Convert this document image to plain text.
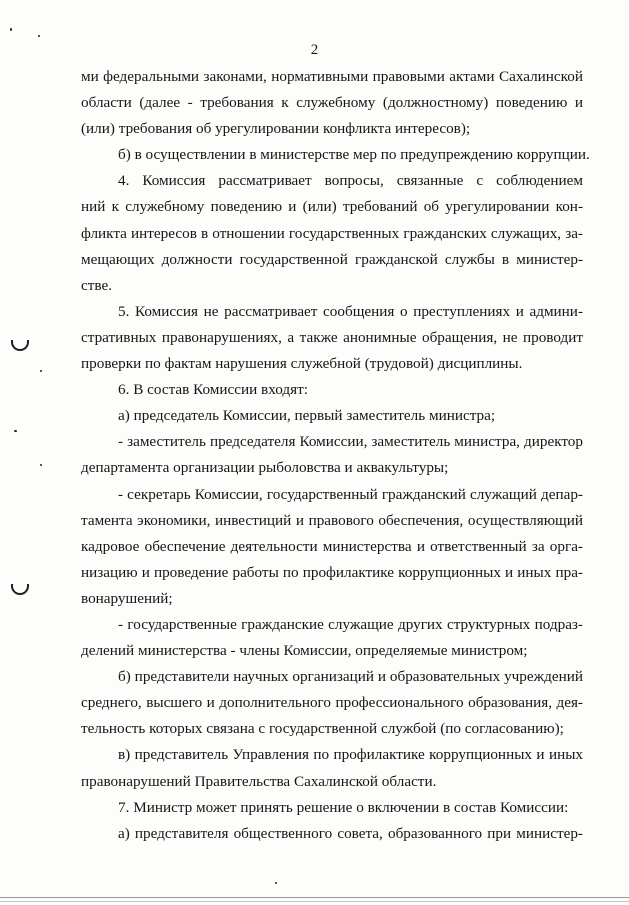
2
ми федеральными законами, нормативными правовыми актами Сахалинской
области (далее - требования к служебному (должностному) поведению и
(или) требования об урегулировании конфликта интересов);
б) в осуществлении в министерстве мер по предупреждению коррупции.
4. Комиссия рассматривает вопросы, связанные с соблюдением
ний к служебному поведению и (или) требований об урегулировании кон-
фликта интересов в отношении государственных гражданских служащих, за-
мещающих должности государственной гражданской службы в министер-
стве.
5. Комиссия не рассматривает сообщения о преступлениях и админи-
стративных правонарушениях, а также анонимные обращения, не проводит
проверки по фактам нарушения служебной (трудовой) дисциплины.
6. В состав Комиссии входят:
а) председатель Комиссии, первый заместитель министра;
- заместитель председателя Комиссии, заместитель министра, директор
департамента организации рыболовства и аквакультуры;
- секретарь Комиссии, государственный гражданский служащий депар-
тамента экономики, инвестиций и правового обеспечения, осуществляющий
кадровое обеспечение деятельности министерства и ответственный за орга-
низацию и проведение работы по профилактике коррупционных и иных пра-
вонарушений;
- государственные гражданские служащие других структурных подраз-
делений министерства - члены Комиссии, определяемые министром;
б) представители научных организаций и образовательных учреждений
среднего, высшего и дополнительного профессионального образования, дея-
тельность которых связана с государственной службой (по согласованию);
в) представитель Управления по профилактике коррупционных и иных
правонарушений Правительства Сахалинской области.
7. Министр может принять решение о включении в состав Комиссии:
а) представителя общественного совета, образованного при министер-
